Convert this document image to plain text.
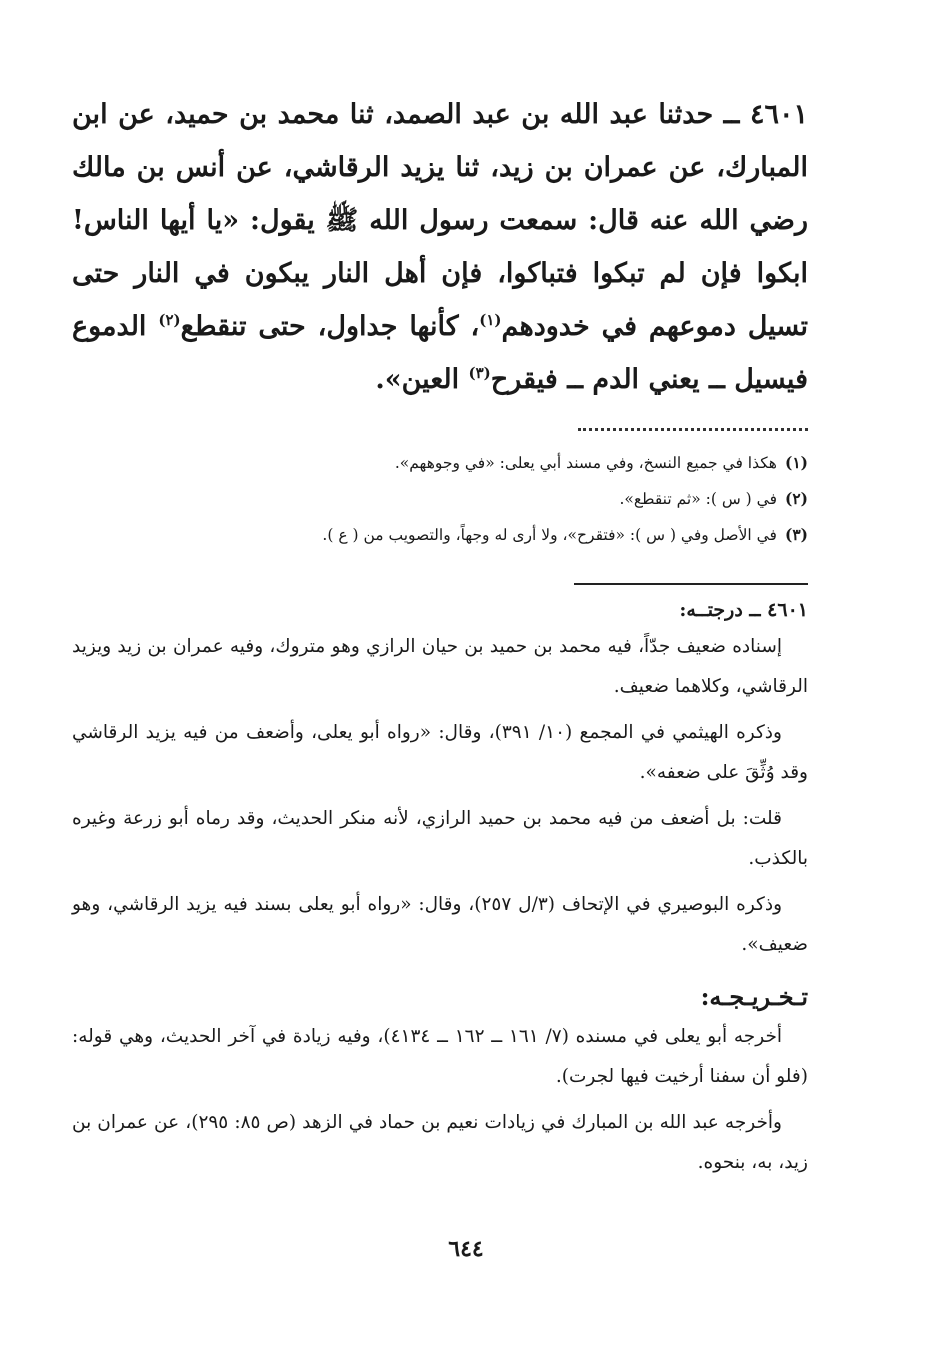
٤٦٠١ ــ حدثنا عبد الله بن عبد الصمد، ثنا محمد بن حميد، عن ابن المبارك، عن عمران بن زيد، ثنا يزيد الرقاشي، عن أنس بن مالك رضي الله عنه قال: سمعت رسول الله ﷺ يقول: «يا أيها الناس! ابكوا فإن لم تبكوا فتباكوا، فإن أهل النار يبكون في النار حتى تسيل دموعهم في خدودهم$^{(١)}$، كأنها جداول، حتى تنقطع$^{(٢)}$ الدموع فيسيل ــ يعني الدم ــ فيقرح$^{(٣)}$ العين».

(١)هكذا في جميع النسخ، وفي مسند أبي يعلى: «في وجوههم».

(٢)في ( س ): «ثم تنقطع».

(٣)في الأصل وفي ( س ): «فتقرح»، ولا أرى له وجهاً، والتصويب من ( ع ).

٤٦٠١ ــ درجتــه:

إسناده ضعيف جدّاً، فيه محمد بن حميد بن حيان الرازي وهو متروك، وفيه عمران بن زيد ويزيد الرقاشي، وكلاهما ضعيف.

وذكره الهيثمي في المجمع (١٠/ ٣٩١)، وقال: «رواه أبو يعلى، وأضعف من فيه يزيد الرقاشي وقد وُثِّقَ على ضعفه».

قلت: بل أضعف من فيه محمد بن حميد الرازي، لأنه منكر الحديث، وقد رماه أبو زرعة وغيره بالكذب.

وذكره البوصيري في الإتحاف (٣/ل ٢٥٧)، وقال: «رواه أبو يعلى بسند فيه يزيد الرقاشي، وهو ضعيف».

تـخـريـجـه:

أخرجه أبو يعلى في مسنده (٧/ ١٦١ ــ ١٦٢ ــ ٤١٣٤)، وفيه زيادة في آخر الحديث، وهي قوله: (فلو أن سفنا أرخيت فيها لجرت).

وأخرجه عبد الله بن المبارك في زيادات نعيم بن حماد في الزهد (ص ٨٥: ٢٩٥)، عن عمران بن زيد، به، بنحوه.

٦٤٤
